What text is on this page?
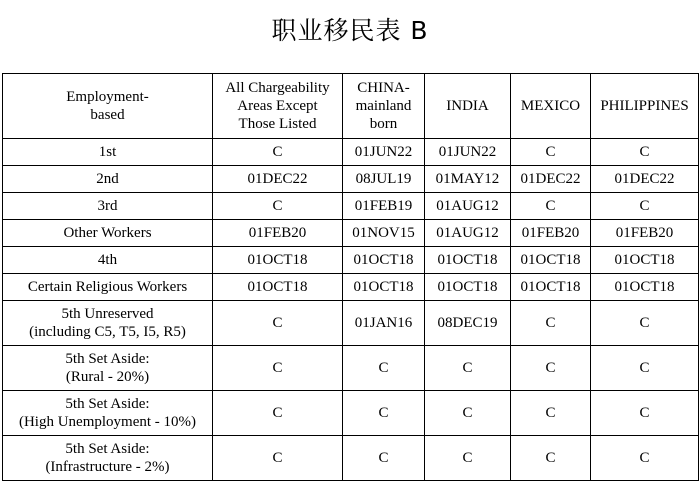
职业移民表 B
Employment-
based	All Chargeability
Areas Except
Those Listed	CHINA-
mainland
born	INDIA	MEXICO	PHILIPPINES
1st	C	01JUN22	01JUN22	C	C
2nd	01DEC22	08JUL19	01MAY12	01DEC22	01DEC22
3rd	C	01FEB19	01AUG12	C	C
Other Workers	01FEB20	01NOV15	01AUG12	01FEB20	01FEB20
4th	01OCT18	01OCT18	01OCT18	01OCT18	01OCT18
Certain Religious Workers	01OCT18	01OCT18	01OCT18	01OCT18	01OCT18
5th Unreserved
(including C5, T5, I5, R5)	C	01JAN16	08DEC19	C	C
5th Set Aside:
(Rural - 20%)	C	C	C	C	C
5th Set Aside:
(High Unemployment - 10%)	C	C	C	C	C
5th Set Aside:
(Infrastructure - 2%)	C	C	C	C	C
